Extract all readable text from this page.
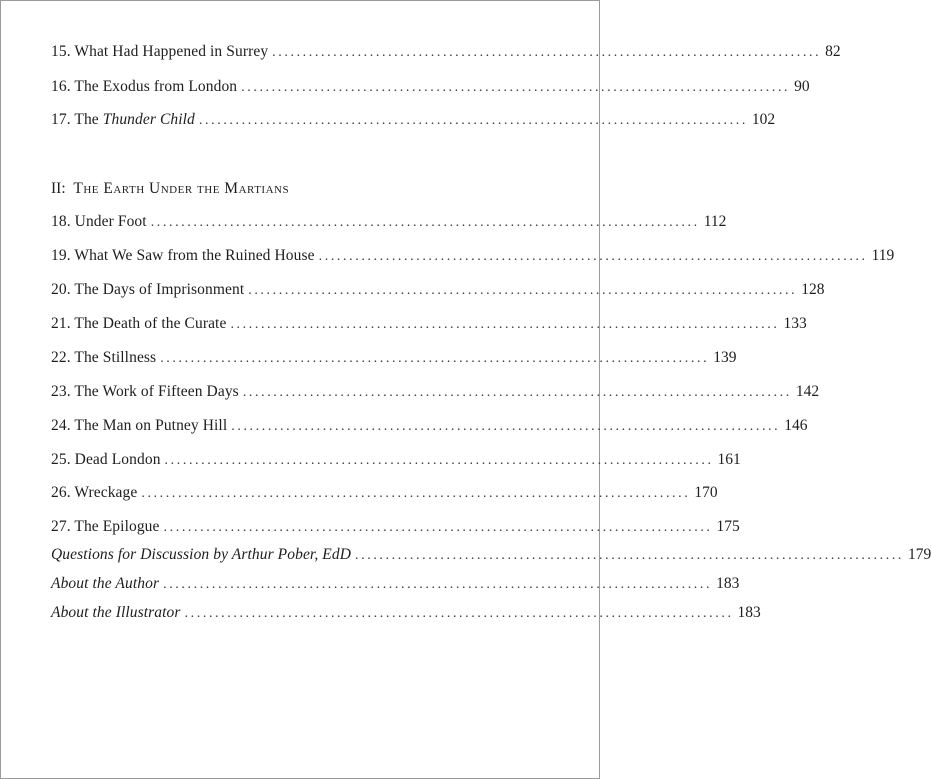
15. What Had Happened in Surrey .......................................................................................... 82
16. The Exodus from London .......................................................................................... 90
17. The Thunder Child .......................................................................................... 102
II: The Earth Under the Martians
18. Under Foot .......................................................................................... 112
19. What We Saw from the Ruined House .......................................................................................... 119
20. The Days of Imprisonment .......................................................................................... 128
21. The Death of the Curate .......................................................................................... 133
22. The Stillness .......................................................................................... 139
23. The Work of Fifteen Days .......................................................................................... 142
24. The Man on Putney Hill .......................................................................................... 146
25. Dead London .......................................................................................... 161
26. Wreckage .......................................................................................... 170
27. The Epilogue .......................................................................................... 175
Questions for Discussion by Arthur Pober, EdD .......................................................................................... 179
About the Author .......................................................................................... 183
About the Illustrator .......................................................................................... 183
